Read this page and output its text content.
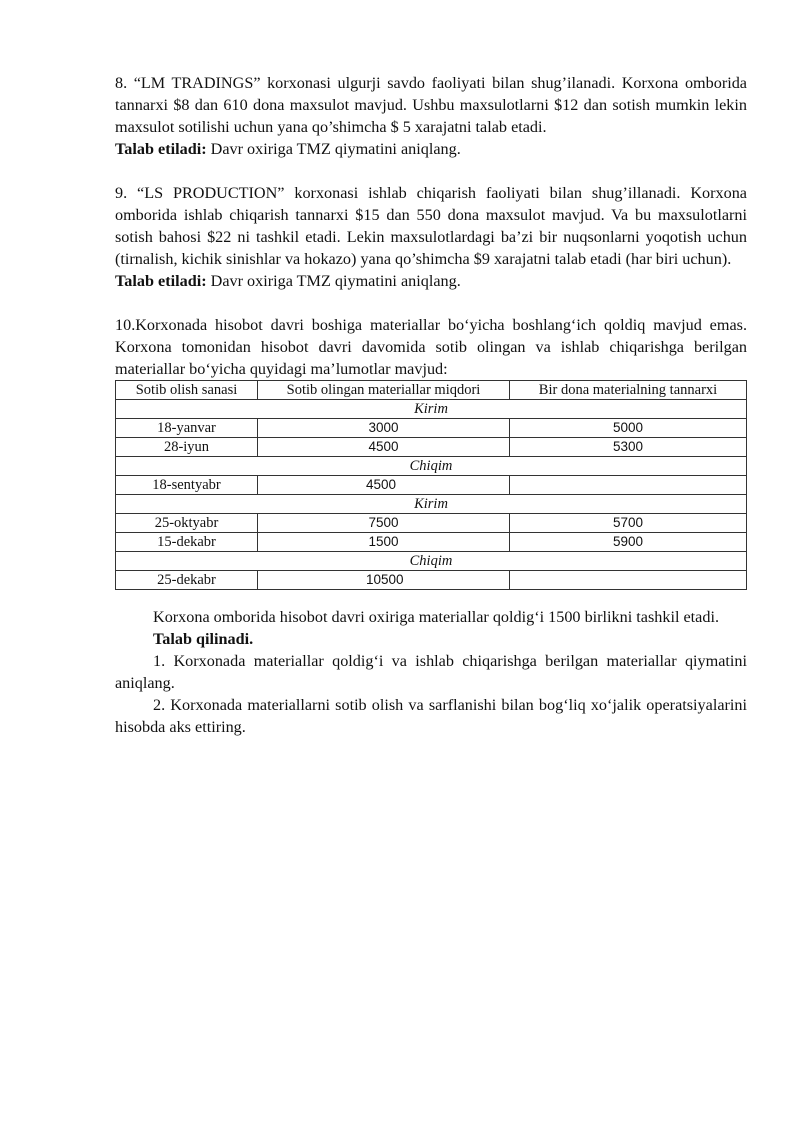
8. “LM TRADINGS” korxonasi ulgurji savdo faoliyati bilan shug’ilanadi. Korxona omborida tannarxi $8 dan 610 dona maxsulot mavjud. Ushbu maxsulotlarni $12 dan sotish mumkin lekin maxsulot sotilishi uchun yana qo’shimcha $ 5 xarajatni talab etadi.

Talab etiladi: Davr oxiriga TMZ qiymatini aniqlang.

9. “LS PRODUCTION” korxonasi ishlab chiqarish faoliyati bilan shug’illanadi. Korxona omborida ishlab chiqarish tannarxi $15 dan 550 dona maxsulot mavjud. Va bu maxsulotlarni sotish bahosi $22 ni tashkil etadi. Lekin maxsulotlardagi ba’zi bir nuqsonlarni yoqotish uchun (tirnalish, kichik sinishlar va hokazo) yana qo’shimcha $9 xarajatni talab etadi (har biri uchun).

Talab etiladi: Davr oxiriga TMZ qiymatini aniqlang.

10.Korxonada hisobot davri boshiga materiallar bo‘yicha boshlang‘ich qoldiq mavjud emas. Korxona tomonidan hisobot davri davomida sotib olingan va ishlab chiqarishga berilgan materiallar bo‘yicha quyidagi ma’lumotlar mavjud:

Sotib olish sanasi	Sotib olingan materiallar miqdori	Bir dona materialning tannarxi
Kirim		
18-yanvar	3000	5000
28-iyun	4500	5300
Chiqim		
18-sentyabr	4500	
Kirim		
25-oktyabr	7500	5700
15-dekabr	1500	5900
Chiqim		
25-dekabr	10500	

Korxona omborida hisobot davri oxiriga materiallar qoldig‘i 1500 birlikni tashkil etadi.

Talab qilinadi.

1. Korxonada materiallar qoldig‘i va ishlab chiqarishga berilgan materiallar qiymatini aniqlang.

2. Korxonada materiallarni sotib olish va sarflanishi bilan bog‘liq xo‘jalik operatsiyalarini hisobda aks ettiring.
